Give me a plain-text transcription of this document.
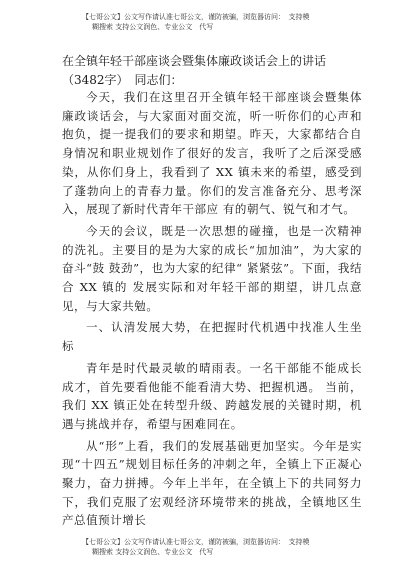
【七哥公文】公文写作请认准七哥公文，谨防被骗，浏览器访问：　支持模
糊搜索 支持公文润色、专业公文　代写
在全镇年轻干部座谈会暨集体廉政谈话会上的讲话（3482字）　同志们：

今天，我们在这里召开全镇年轻干部座谈会暨集体廉政谈话会，与大家面对面交流，听一听你们的心声和抱负，提一提我们的要求和期望。昨天，大家都结合自身情况和职业规划作了很好的发言，我听了之后深受感染，从你们身上，我看到了 XX 镇未来的希望，感受到了蓬勃向上的青春力量。你们的发言准备充分、思考深入，展现了新时代青年干部应 有的朝气、锐气和才气。

今天的会议，既是一次思想的碰撞，也是一次精神的洗礼。主要目的是为大家的成长“加加油”，为大家的奋斗“鼓 鼓劲”，也为大家的纪律“ 紧紧弦”。下面，我结合 XX 镇的 发展实际和对年轻干部的期望，讲几点意见，与大家共勉。

一、认清发展大势，在把握时代机遇中找准人生坐标

青年是时代最灵敏的晴雨表。一名干部能不能成长成才，首先要看他能不能看清大势、把握机遇。 当前，我们 XX 镇正处在转型升级、跨越发展的关键时期，机遇与挑战并存，希望与困难同在。

从“形”上看，我们的发展基础更加坚实。今年是实现“十四五”规划目标任务的冲刺之年，全镇上下正凝心聚力，奋力拼搏。今年上半年，在全镇上下的共同努力下，我们克服了宏观经济环境带来的挑战，全镇地区生产总值预计增长

【七哥公文】公文写作请认准七哥公文，谨防被骗，浏览器访问：　支持模
糊搜索 支持公文润色、专业公文　代写
